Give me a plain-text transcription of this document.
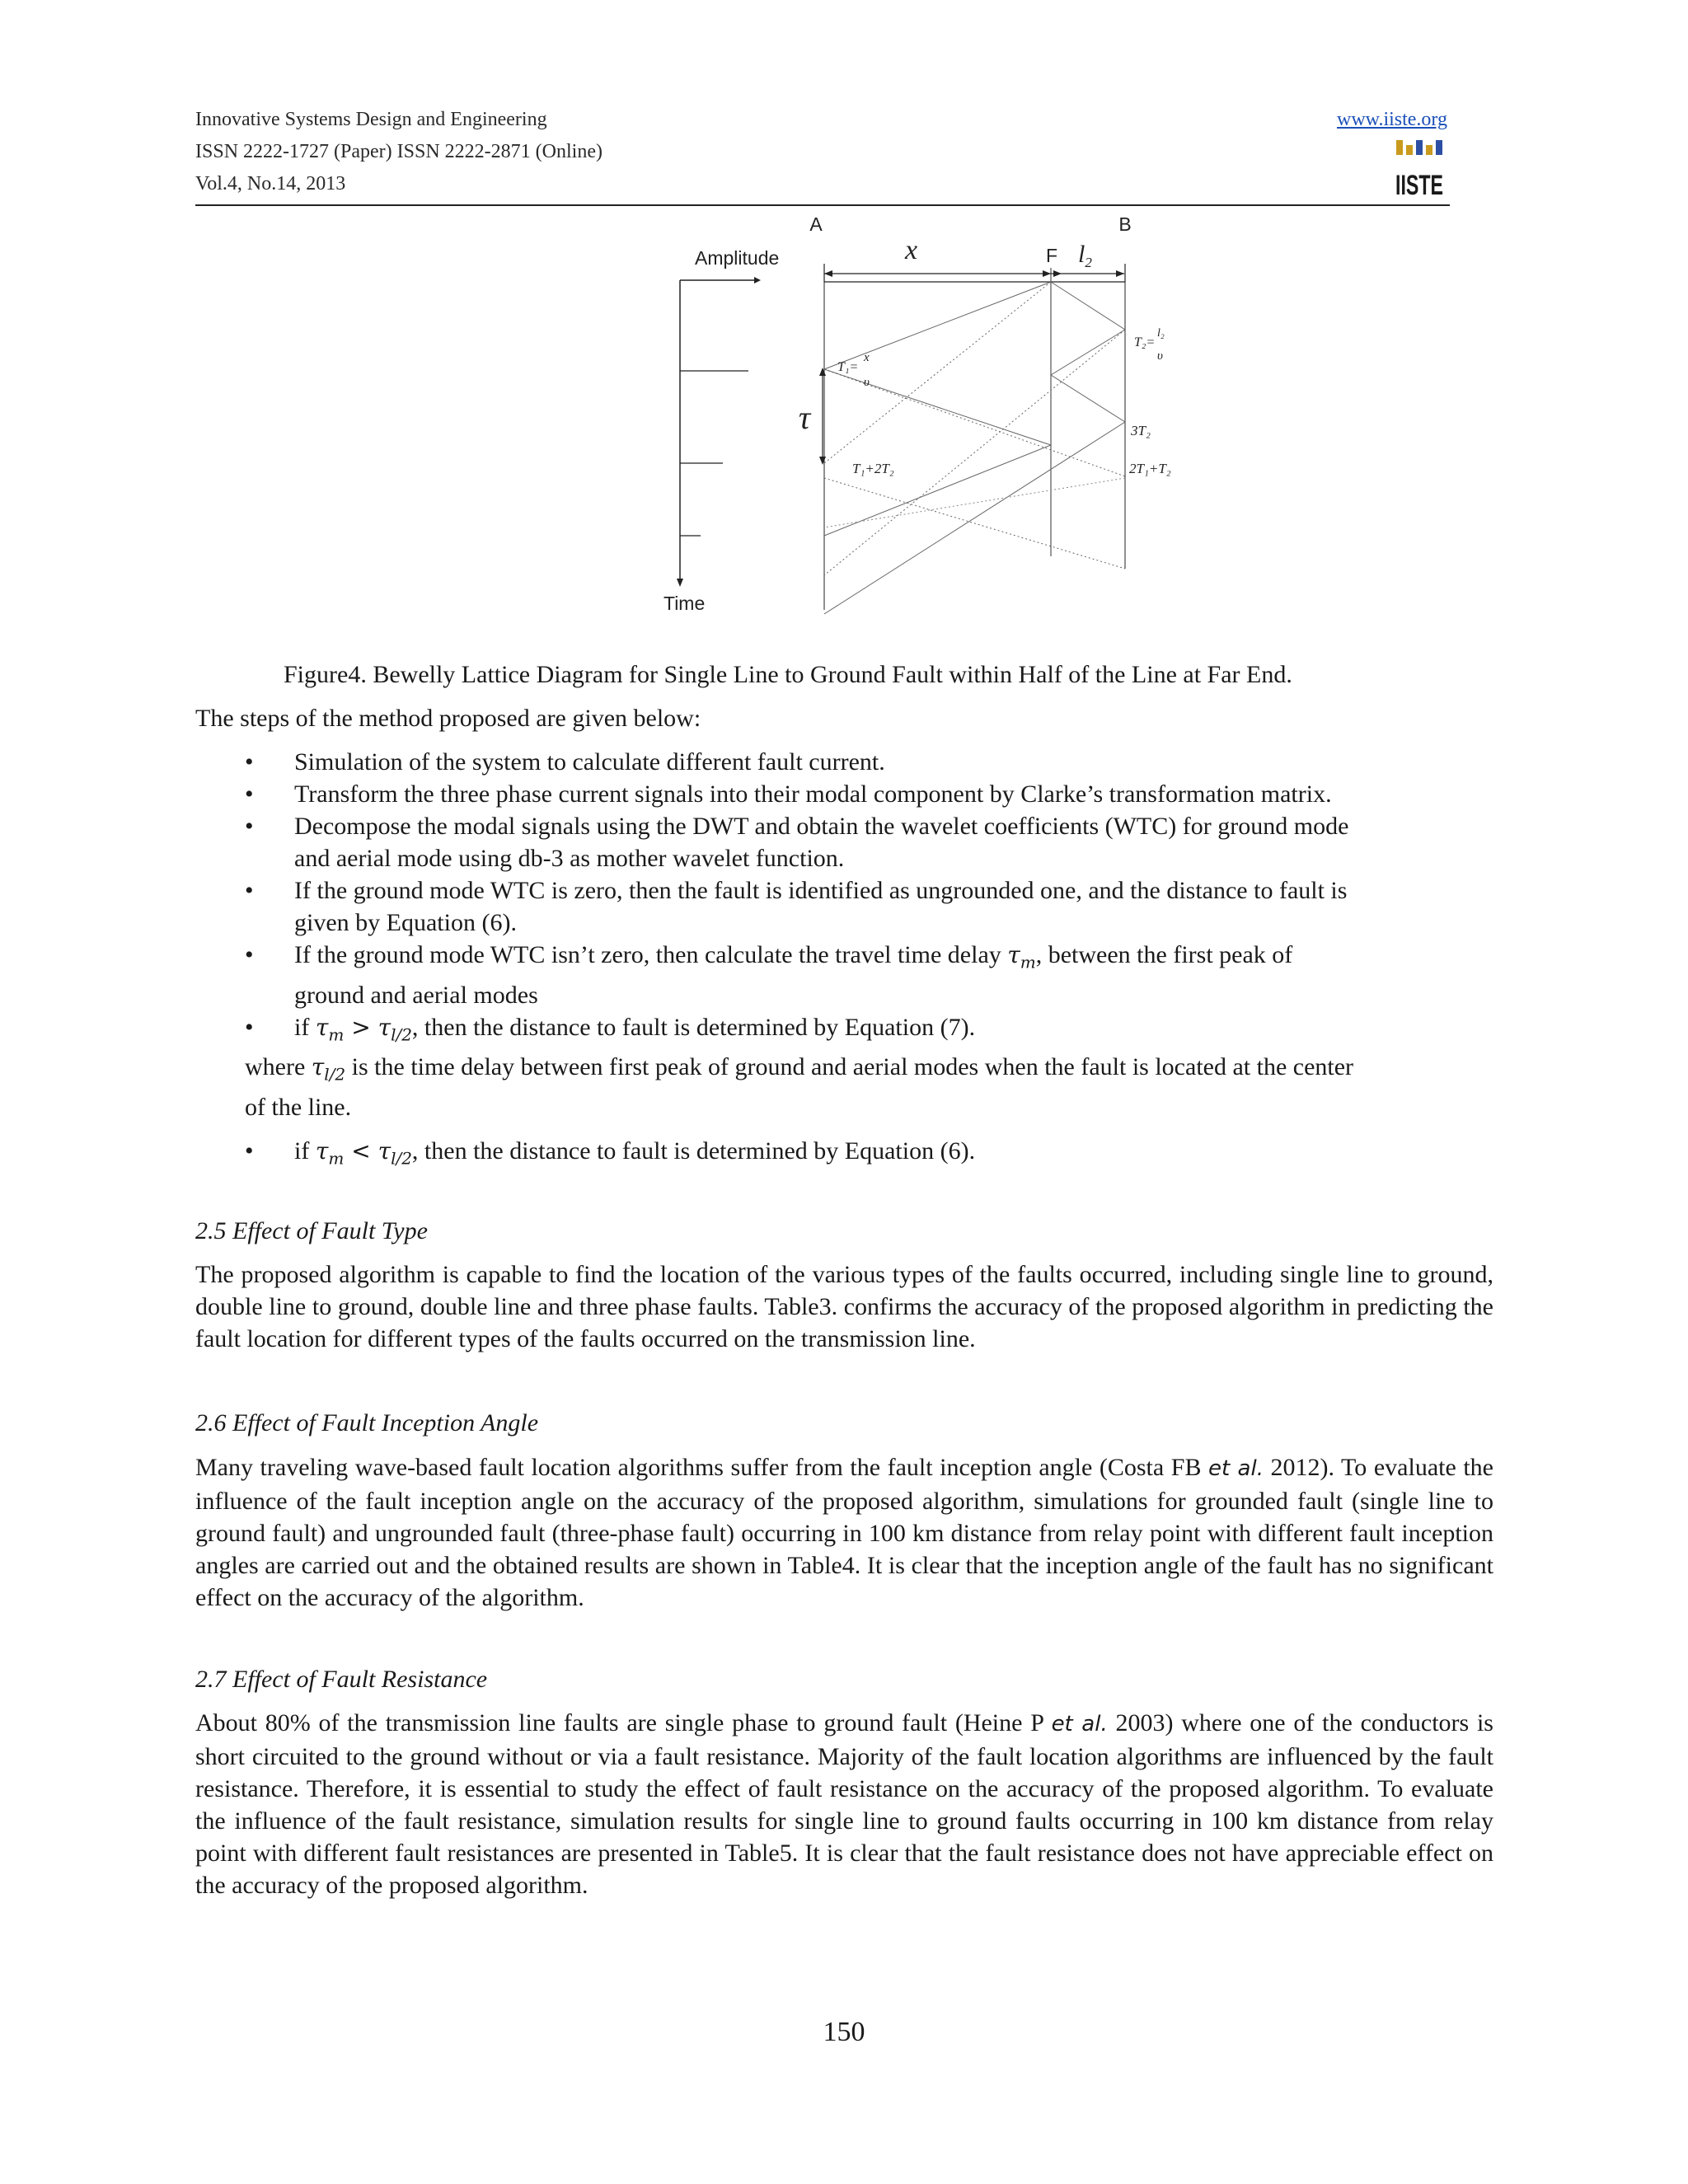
Innovative Systems Design and Engineering
ISSN 2222-1727 (Paper) ISSN 2222-2871 (Online)
Vol.4, No.14, 2013
www.iiste.org
IISTE
Amplitude
Time
A	B
F
x	$l_2$
τ
T₁=
x
υ
T₂=
l₂
υ
3T₂
T₁+2T₂	2T₁+T₂
Figure4. Bewelly Lattice Diagram for Single Line to Ground Fault within Half of the Line at Far End.
The steps of the method proposed are given below:
• Simulation of the system to calculate different fault current.
• Transform the three phase current signals into their modal component by Clarke’s transformation matrix.
• Decompose the modal signals using the DWT and obtain the wavelet coefficients (WTC) for ground mode
and aerial mode using db-3 as mother wavelet function.
• If the ground mode WTC is zero, then the fault is identified as ungrounded one, and the distance to fault is
given by Equation (6).
• If the ground mode WTC isn’t zero, then calculate the travel time delay $\tau_m$, between the first peak of
ground and aerial modes
• if $\tau_m > \tau_{l/2}$, then the distance to fault is determined by Equation (7).
where $\tau_{l/2}$ is the time delay between first peak of ground and aerial modes when the fault is located at the center
of the line.
• if $\tau_m < \tau_{l/2}$, then the distance to fault is determined by Equation (6).
2.5 Effect of Fault Type
The proposed algorithm is capable to find the location of the various types of the faults occurred, including single line to ground, double line to ground, double line and three phase faults. Table3. confirms the accuracy of the proposed algorithm in predicting the fault location for different types of the faults occurred on the transmission line.
2.6 Effect of Fault Inception Angle
Many traveling wave-based fault location algorithms suffer from the fault inception angle (Costa FB et al. 2012). To evaluate the influence of the fault inception angle on the accuracy of the proposed algorithm, simulations for grounded fault (single line to ground fault) and ungrounded fault (three-phase fault) occurring in 100 km distance from relay point with different fault inception angles are carried out and the obtained results are shown in Table4. It is clear that the inception angle of the fault has no significant effect on the accuracy of the algorithm.
2.7 Effect of Fault Resistance
About 80% of the transmission line faults are single phase to ground fault (Heine P et al. 2003) where one of the conductors is short circuited to the ground without or via a fault resistance. Majority of the fault location algorithms are influenced by the fault resistance. Therefore, it is essential to study the effect of fault resistance on the accuracy of the proposed algorithm. To evaluate the influence of the fault resistance, simulation results for single line to ground faults occurring in 100 km distance from relay point with different fault resistances are presented in Table5. It is clear that the fault resistance does not have appreciable effect on the accuracy of the proposed algorithm.
150
